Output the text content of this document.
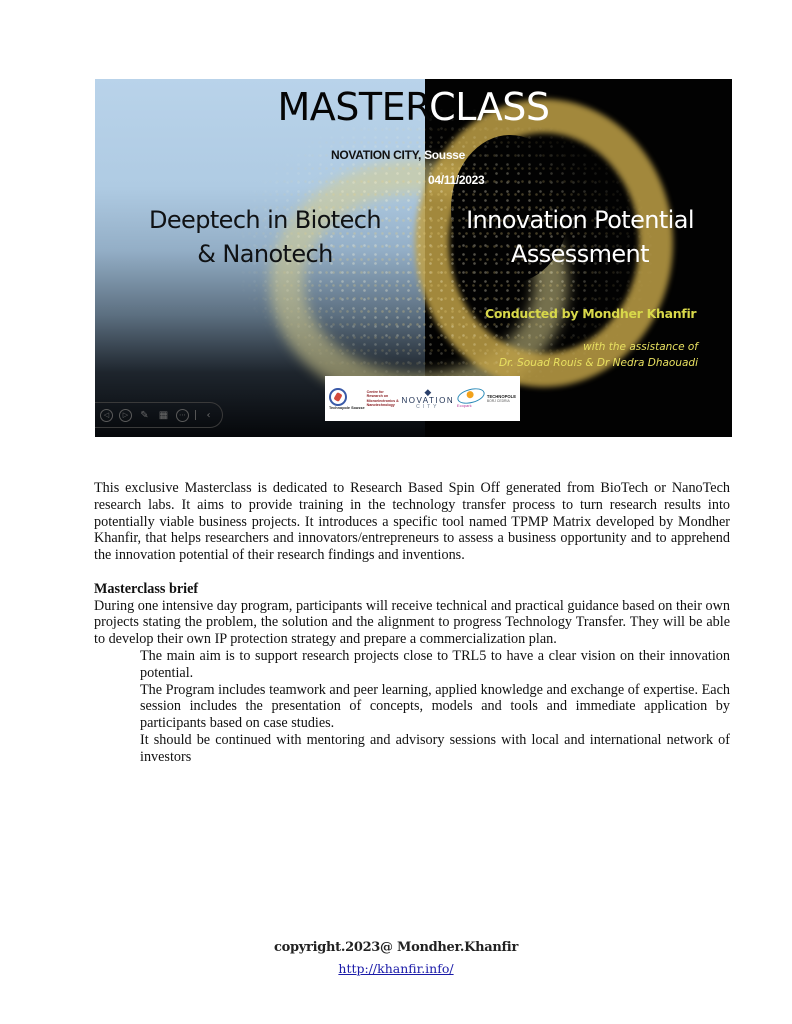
MASTERCLASS
NOVATION CITY, Sousse
04/11/2023
Deeptech in Biotech
& Nanotech
Innovation Potential
Assessment
Conducted by Mondher Khanfir
with the assistance of
Dr. Souad Rouis & Dr Nedra Dhaouadi
Technopole Sousse
Centre for
Research on
Microelectronics &
Nanotechnology
◆
NOVATION
CITY	Ecopark
TECHNOPOLE
BORJ CEDRIA
◁	▷	✎ ▦	⋯	‹

This exclusive Masterclass is dedicated to Research Based Spin Off generated from BioTech or NanoTech research labs. It aims to provide training in the technology transfer process to turn research results into potentially viable business projects. It introduces a specific tool named TPMP Matrix developed by Mondher Khanfir, that helps researchers and innovators/entrepreneurs to assess a business opportunity and to apprehend the innovation potential of their research findings and inventions.

Masterclass brief

During one intensive day program, participants will receive technical and practical guidance based on their own projects stating the problem, the solution and the alignment to progress Technology Transfer. They will be able to develop their own IP protection strategy and prepare a commercialization plan.

The main aim is to support research projects close to TRL5 to have a clear vision on their innovation potential.

The Program includes teamwork and peer learning, applied knowledge and exchange of expertise. Each session includes the presentation of concepts, models and tools and immediate application by participants based on case studies.

It should be continued with mentoring and advisory sessions with local and international network of investors

copyright.2023@ Mondher.Khanfir
http://khanfir.info/
